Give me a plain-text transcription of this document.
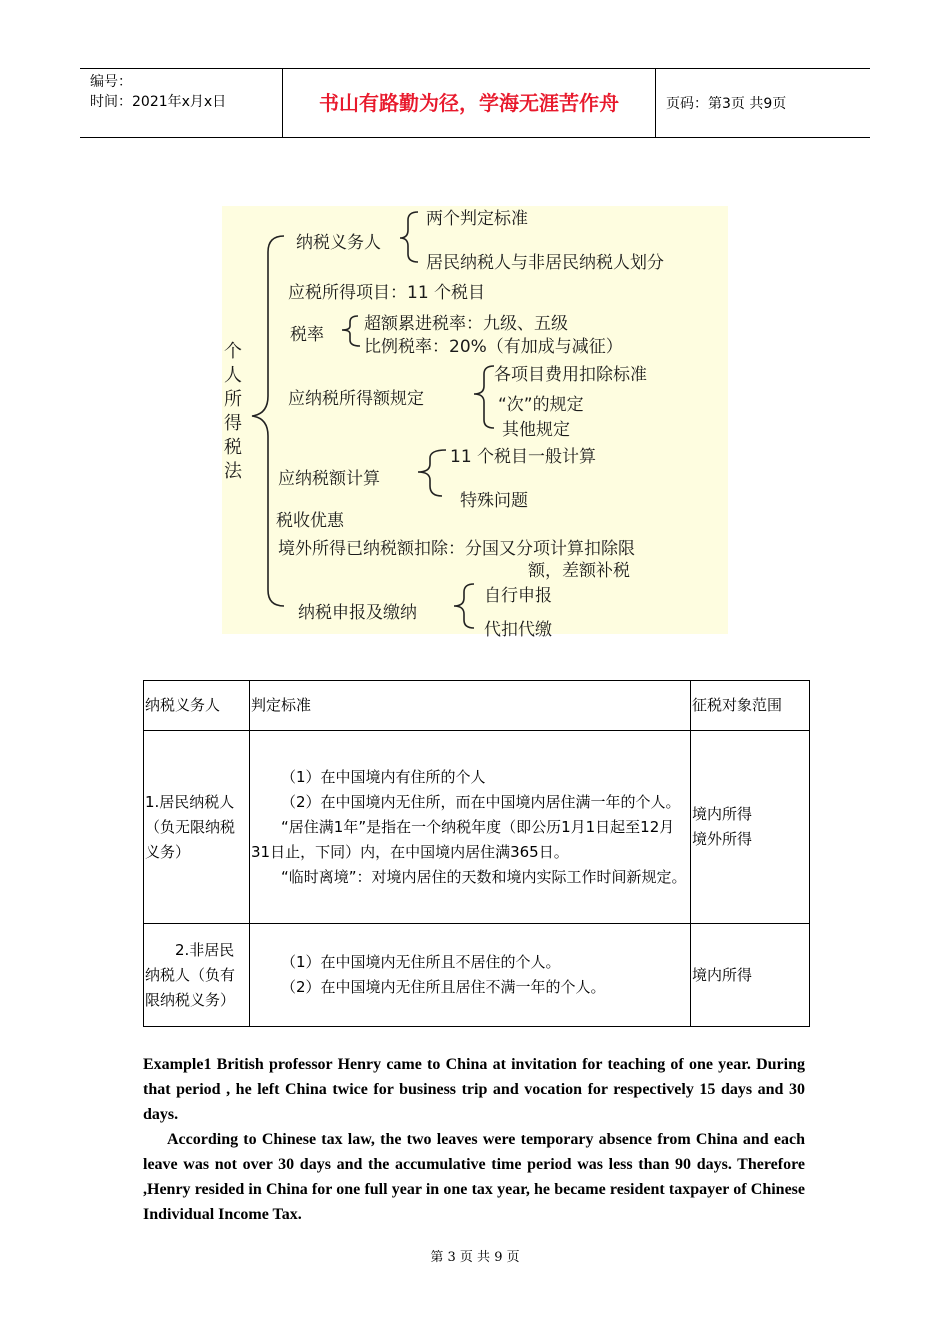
编号：
时间：2021年x月x日	书山有路勤为径，学海无涯苦作舟	页码：第3页 共9页
个人所得税法
纳税义务人
两个判定标准
居民纳税人与非居民纳税人划分
应税所得项目：11 个税目
税率
超额累进税率：九级、五级
比例税率：20%（有加成与减征）
应纳税所得额规定
各项目费用扣除标准
“次”的规定
其他规定
应纳税额计算
11 个税目一般计算
特殊问题
税收优惠
境外所得已纳税额扣除：分国又分项计算扣除限
额，差额补税
纳税申报及缴纳
自行申报
代扣代缴
纳税义务人	判定标准	征税对象范围

1.居民纳税人（负无限纳税义务）	（1）在中国境内有住所的个人
（2）在中国境内无住所，而在中国境内居住满一年的个人。
“居住满1年”是指在一个纳税年度（即公历1月1日起至12月31日止，下同）内，在中国境内居住满365日。
“临时离境”：对境内居住的天数和境内实际工作时间新规定。	境内所得
境外所得

2.非居民纳税人（负有限纳税义务）	（1）在中国境内无住所且不居住的个人。
（2）在中国境内无住所且居住不满一年的个人。	境内所得
Example1 British professor Henry came to China at invitation for teaching of one year. During that period , he left China twice for business trip and vocation for respectively 15 days and 30 days.
According to Chinese tax law, the two leaves were temporary absence from China and each leave was not over 30 days and the accumulative time period was less than 90 days. Therefore ,Henry resided in China for one full year in one tax year, he became resident taxpayer of Chinese Individual Income Tax.
第 3 页 共 9 页
